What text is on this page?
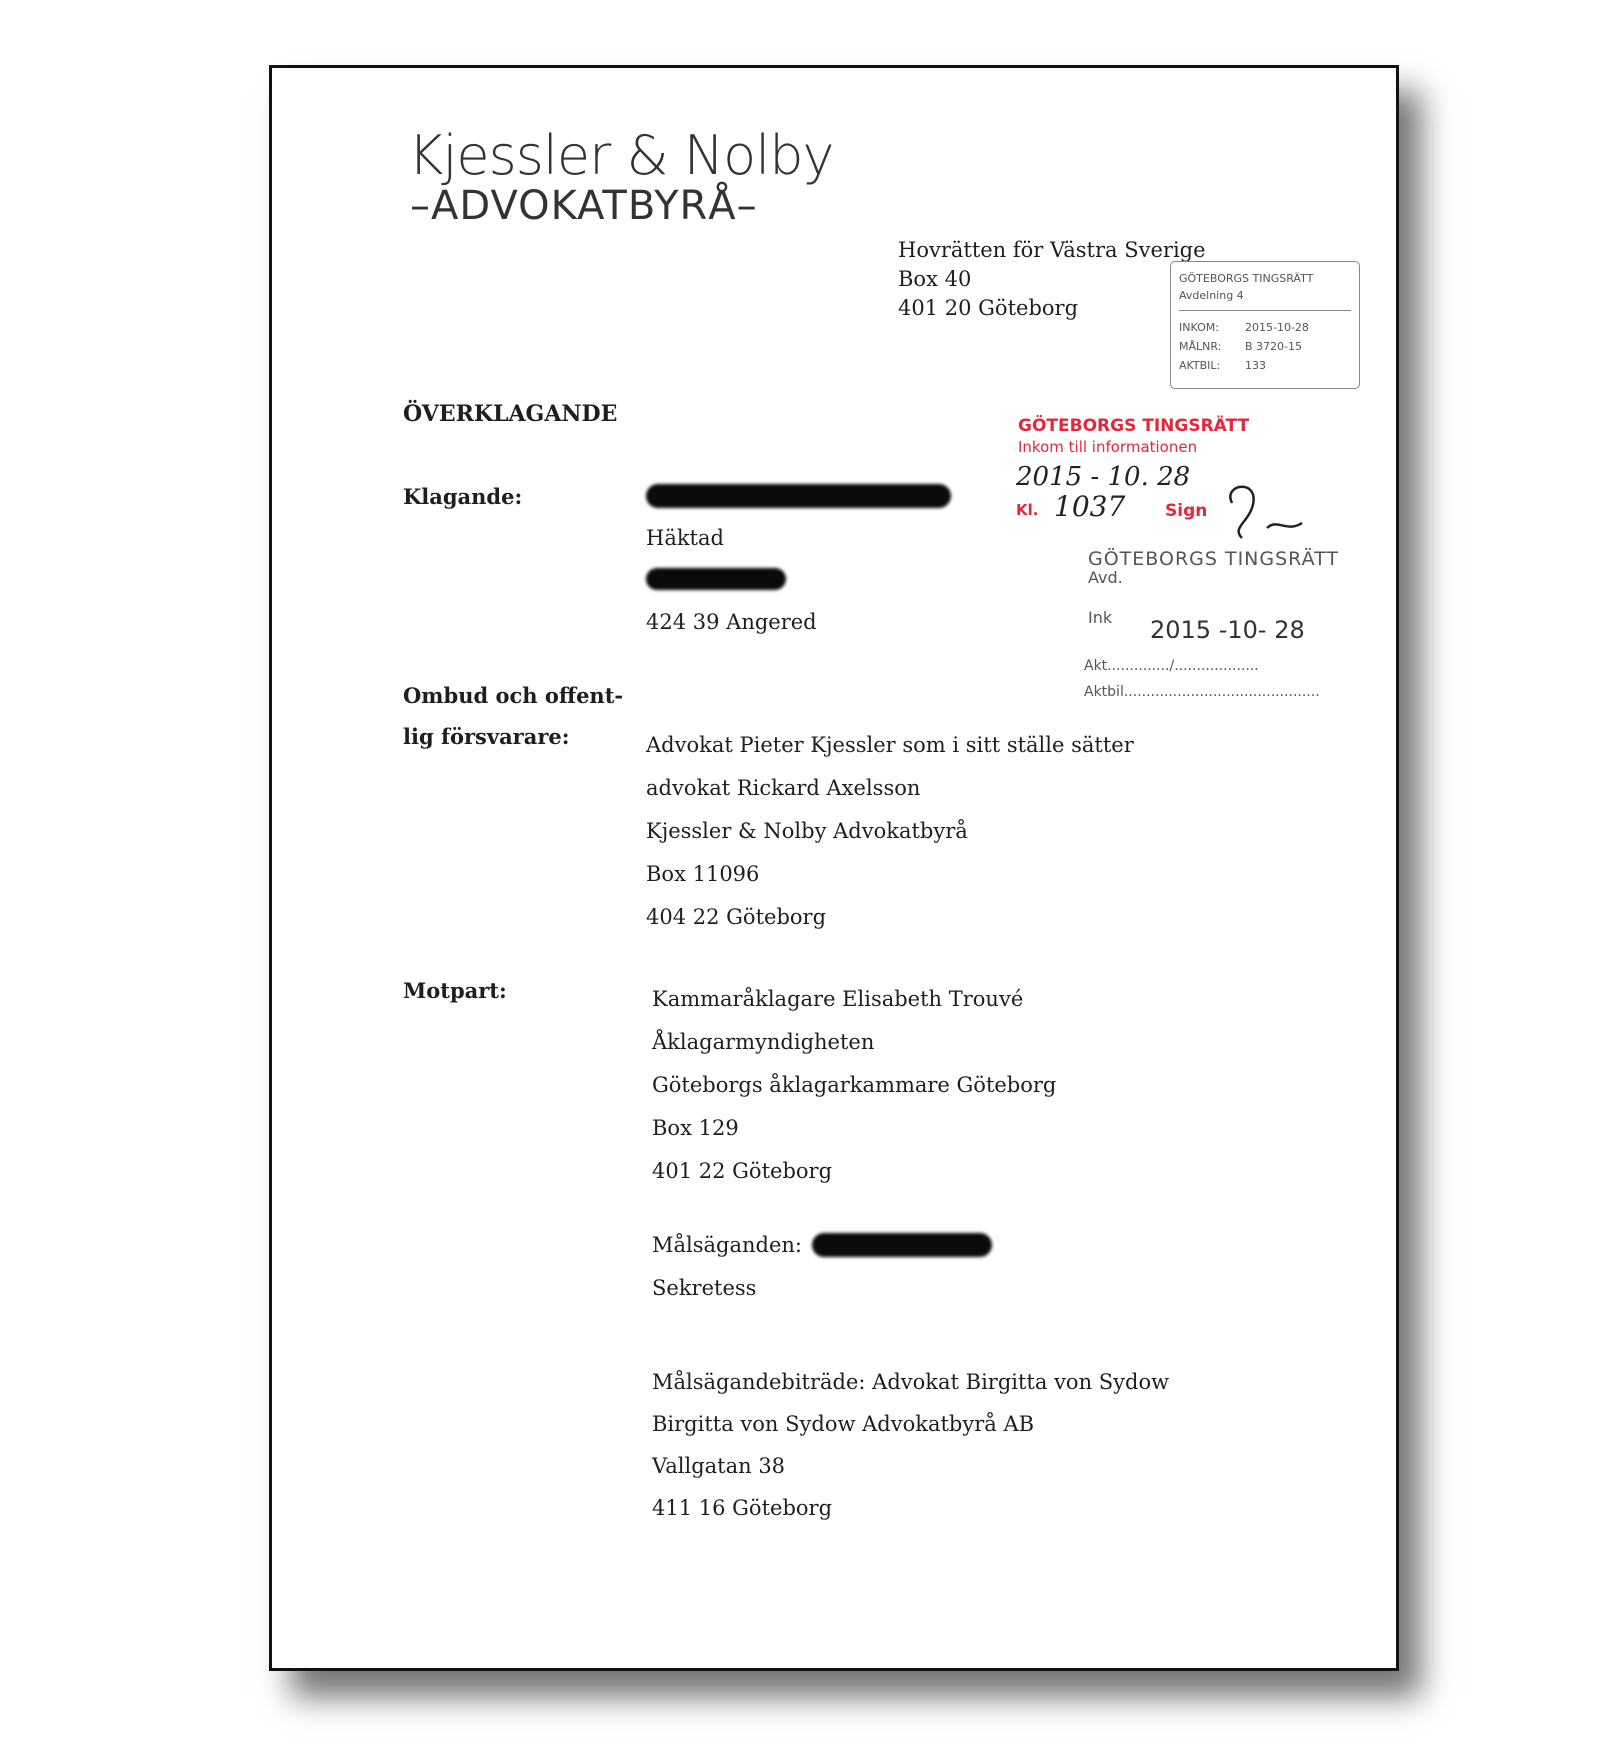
Kjessler & Nolby
–ADVOKATBYRÅ–
Hovrätten för Västra Sverige
Box 40
401 20 Göteborg
GÖTEBORGS TINGSRÄTT
Avdelning 4
INKOM:	2015-10-28
MÅLNR:	B 3720-15
AKTBIL:	133
GÖTEBORGS TINGSRÄTT
Inkom till informationen
2015 - 10. 28
Kl. 1037 Sign
GÖTEBORGS TINGSRÄTT
Avd.
Ink 2015 -10- 28
Akt............../...................
Aktbil............................................
ÖVERKLAGANDE
Klagande:
Häktad
424 39 Angered
Ombud och offent-
lig försvarare:	Advokat Pieter Kjessler som i sitt ställe sätter
advokat Rickard Axelsson
Kjessler & Nolby Advokatbyrå
Box 11096
404 22 Göteborg
Motpart:	Kammaråklagare Elisabeth Trouvé
Åklagarmyndigheten
Göteborgs åklagarkammare Göteborg
Box 129
401 22 Göteborg
Målsäganden:
Sekretess
Målsägandebiträde: Advokat Birgitta von Sydow
Birgitta von Sydow Advokatbyrå AB
Vallgatan 38
411 16 Göteborg
